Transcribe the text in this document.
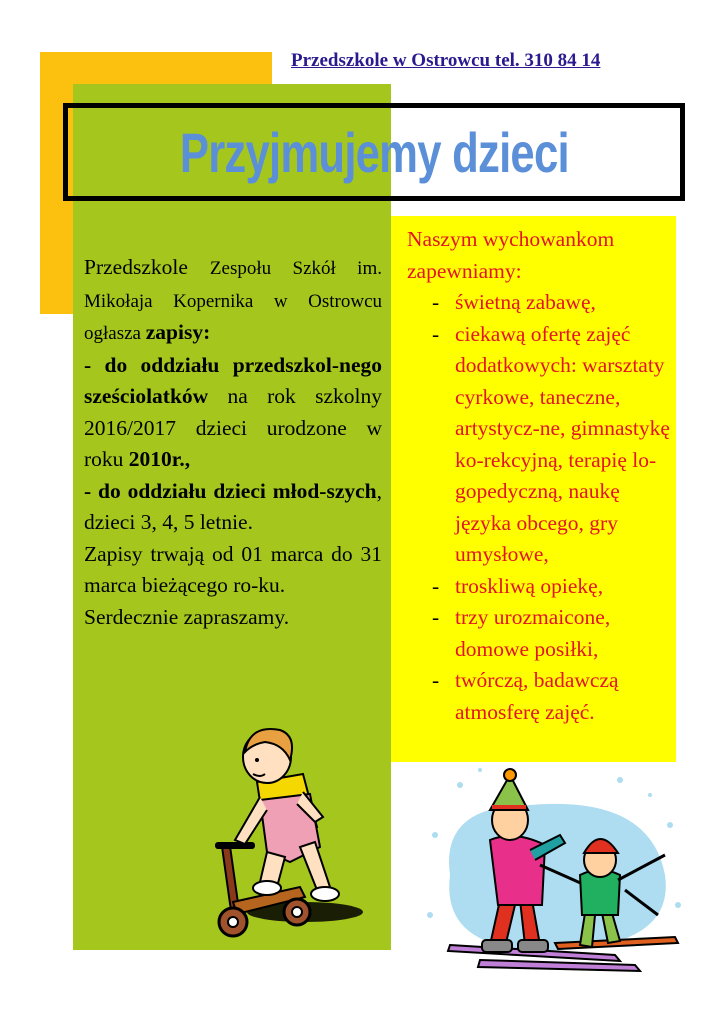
Przedszkole w Ostrowcu tel. 310 84 14
Przyjmujemy dzieci

Przedszkole Zespołu Szkół im. Mikołaja Kopernika w Ostrowcu ogłasza zapisy:

- do oddziału przedszkol-nego sześciolatków na rok szkolny 2016/2017 dzieci urodzone w roku 2010r.,

- do oddziału dzieci młod-szych, dzieci 3, 4, 5 letnie.

Zapisy trwają od 01 marca do 31 marca bieżącego ro-ku.

Serdecznie zapraszamy.

Naszym wychowankom zapewniamy:

- świetną zabawę,
- ciekawą ofertę zajęć dodatkowych: warsztaty cyrkowe, taneczne, artystycz-ne, gimnastykę ko-rekcyjną, terapię lo-gopedyczną, naukę języka obcego, gry umysłowe,
- troskliwą opiekę,
- trzy urozmaicone, domowe posiłki,
- twórczą, badawczą atmosferę zajęć.
